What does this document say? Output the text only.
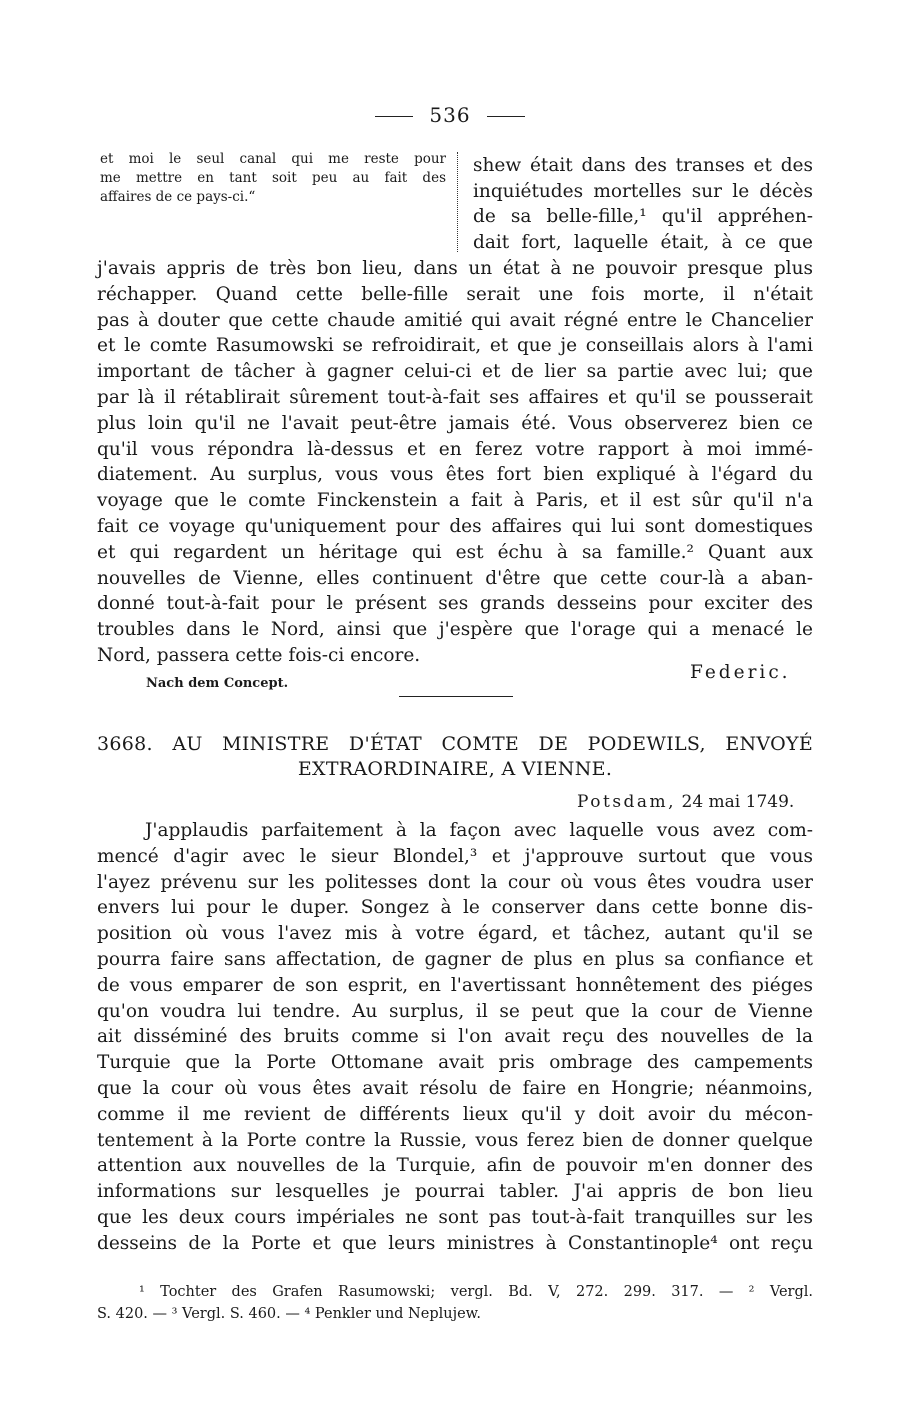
536
et moi le seul canal qui me reste pour
me mettre en tant soit peu au fait des
affaires de ce pays-ci.“
shew était dans des transes et des
inquiétudes mortelles sur le décès
de sa belle-fille,¹ qu'il appréhen-
dait fort, laquelle était, à ce que
j'avais appris de très bon lieu, dans un état à ne pouvoir presque plus
réchapper. Quand cette belle-fille serait une fois morte, il n'était
pas à douter que cette chaude amitié qui avait régné entre le Chancelier
et le comte Rasumowski se refroidirait, et que je conseillais alors à l'ami
important de tâcher à gagner celui-ci et de lier sa partie avec lui; que
par là il rétablirait sûrement tout-à-fait ses affaires et qu'il se pousserait
plus loin qu'il ne l'avait peut-être jamais été. Vous observerez bien ce
qu'il vous répondra là-dessus et en ferez votre rapport à moi immé-
diatement. Au surplus, vous vous êtes fort bien expliqué à l'égard du
voyage que le comte Finckenstein a fait à Paris, et il est sûr qu'il n'a
fait ce voyage qu'uniquement pour des affaires qui lui sont domestiques
et qui regardent un héritage qui est échu à sa famille.² Quant aux
nouvelles de Vienne, elles continuent d'être que cette cour-là a aban-
donné tout-à-fait pour le présent ses grands desseins pour exciter des
troubles dans le Nord, ainsi que j'espère que l'orage qui a menacé le
Nord, passera cette fois-ci encore.
Federic.
Nach dem Concept.
3668. AU MINISTRE D'ÉTAT COMTE DE PODEWILS, ENVOYÉ
EXTRAORDINAIRE, A VIENNE.
Potsdam, 24 mai 1749.
J'applaudis parfaitement à la façon avec laquelle vous avez com-
mencé d'agir avec le sieur Blondel,³ et j'approuve surtout que vous
l'ayez prévenu sur les politesses dont la cour où vous êtes voudra user
envers lui pour le duper. Songez à le conserver dans cette bonne dis-
position où vous l'avez mis à votre égard, et tâchez, autant qu'il se
pourra faire sans affectation, de gagner de plus en plus sa confiance et
de vous emparer de son esprit, en l'avertissant honnêtement des piéges
qu'on voudra lui tendre. Au surplus, il se peut que la cour de Vienne
ait disséminé des bruits comme si l'on avait reçu des nouvelles de la
Turquie que la Porte Ottomane avait pris ombrage des campements
que la cour où vous êtes avait résolu de faire en Hongrie; néanmoins,
comme il me revient de différents lieux qu'il y doit avoir du mécon-
tentement à la Porte contre la Russie, vous ferez bien de donner quelque
attention aux nouvelles de la Turquie, afin de pouvoir m'en donner des
informations sur lesquelles je pourrai tabler. J'ai appris de bon lieu
que les deux cours impériales ne sont pas tout-à-fait tranquilles sur les
desseins de la Porte et que leurs ministres à Constantinople⁴ ont reçu
¹ Tochter des Grafen Rasumowski; vergl. Bd. V, 272. 299. 317. — ² Vergl.
S. 420. — ³ Vergl. S. 460. — ⁴ Penkler und Neplujew.
